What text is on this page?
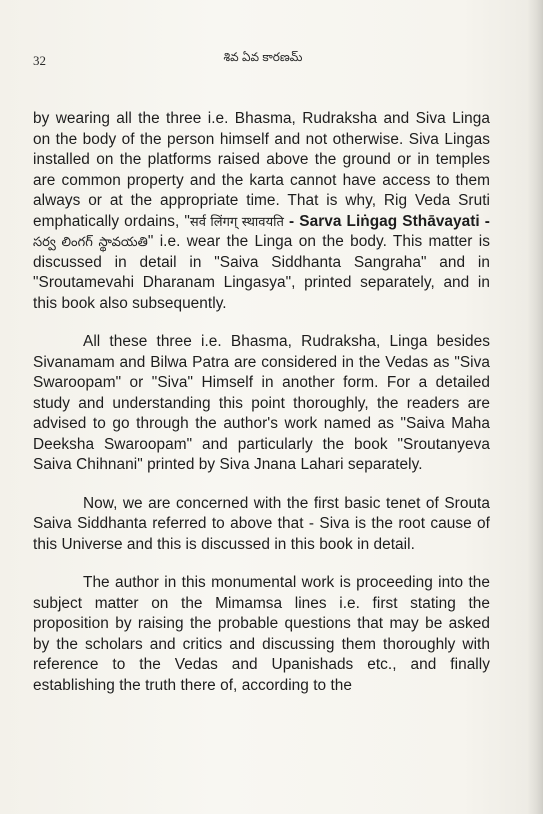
32	శివ ఏవ కారణమ్

by wearing all the three i.e. Bhasma, Rudraksha and Siva Linga on the body of the person himself and not otherwise. Siva Lingas installed on the platforms raised above the ground or in temples are common property and the karta cannot have access to them always or at the appropriate time. That is why, Rig Veda Sruti emphatically ordains, "सर्व लिंगग् स्थावयति - Sarva Liṅgag Sthāvayati - సర్వ లింగగ్ స్థావయతి" i.e. wear the Linga on the body. This matter is discussed in detail in "Saiva Siddhanta Sangraha" and in "Sroutamevahi Dharanam Lingasya", printed separately, and in this book also subsequently.

All these three i.e. Bhasma, Rudraksha, Linga besides Sivanamam and Bilwa Patra are considered in the Vedas as "Siva Swaroopam" or "Siva" Himself in another form. For a detailed study and understanding this point thoroughly, the readers are advised to go through the author's work named as "Saiva Maha Deeksha Swaroopam" and particularly the book "Sroutanyeva Saiva Chihnani" printed by Siva Jnana Lahari separately.

Now, we are concerned with the first basic tenet of Srouta Saiva Siddhanta referred to above that - Siva is the root cause of this Universe and this is discussed in this book in detail.

The author in this monumental work is proceeding into the subject matter on the Mimamsa lines i.e. first stating the proposition by raising the probable questions that may be asked by the scholars and critics and discussing them thoroughly with reference to the Vedas and Upanishads etc., and finally establishing the truth there of, according to the
